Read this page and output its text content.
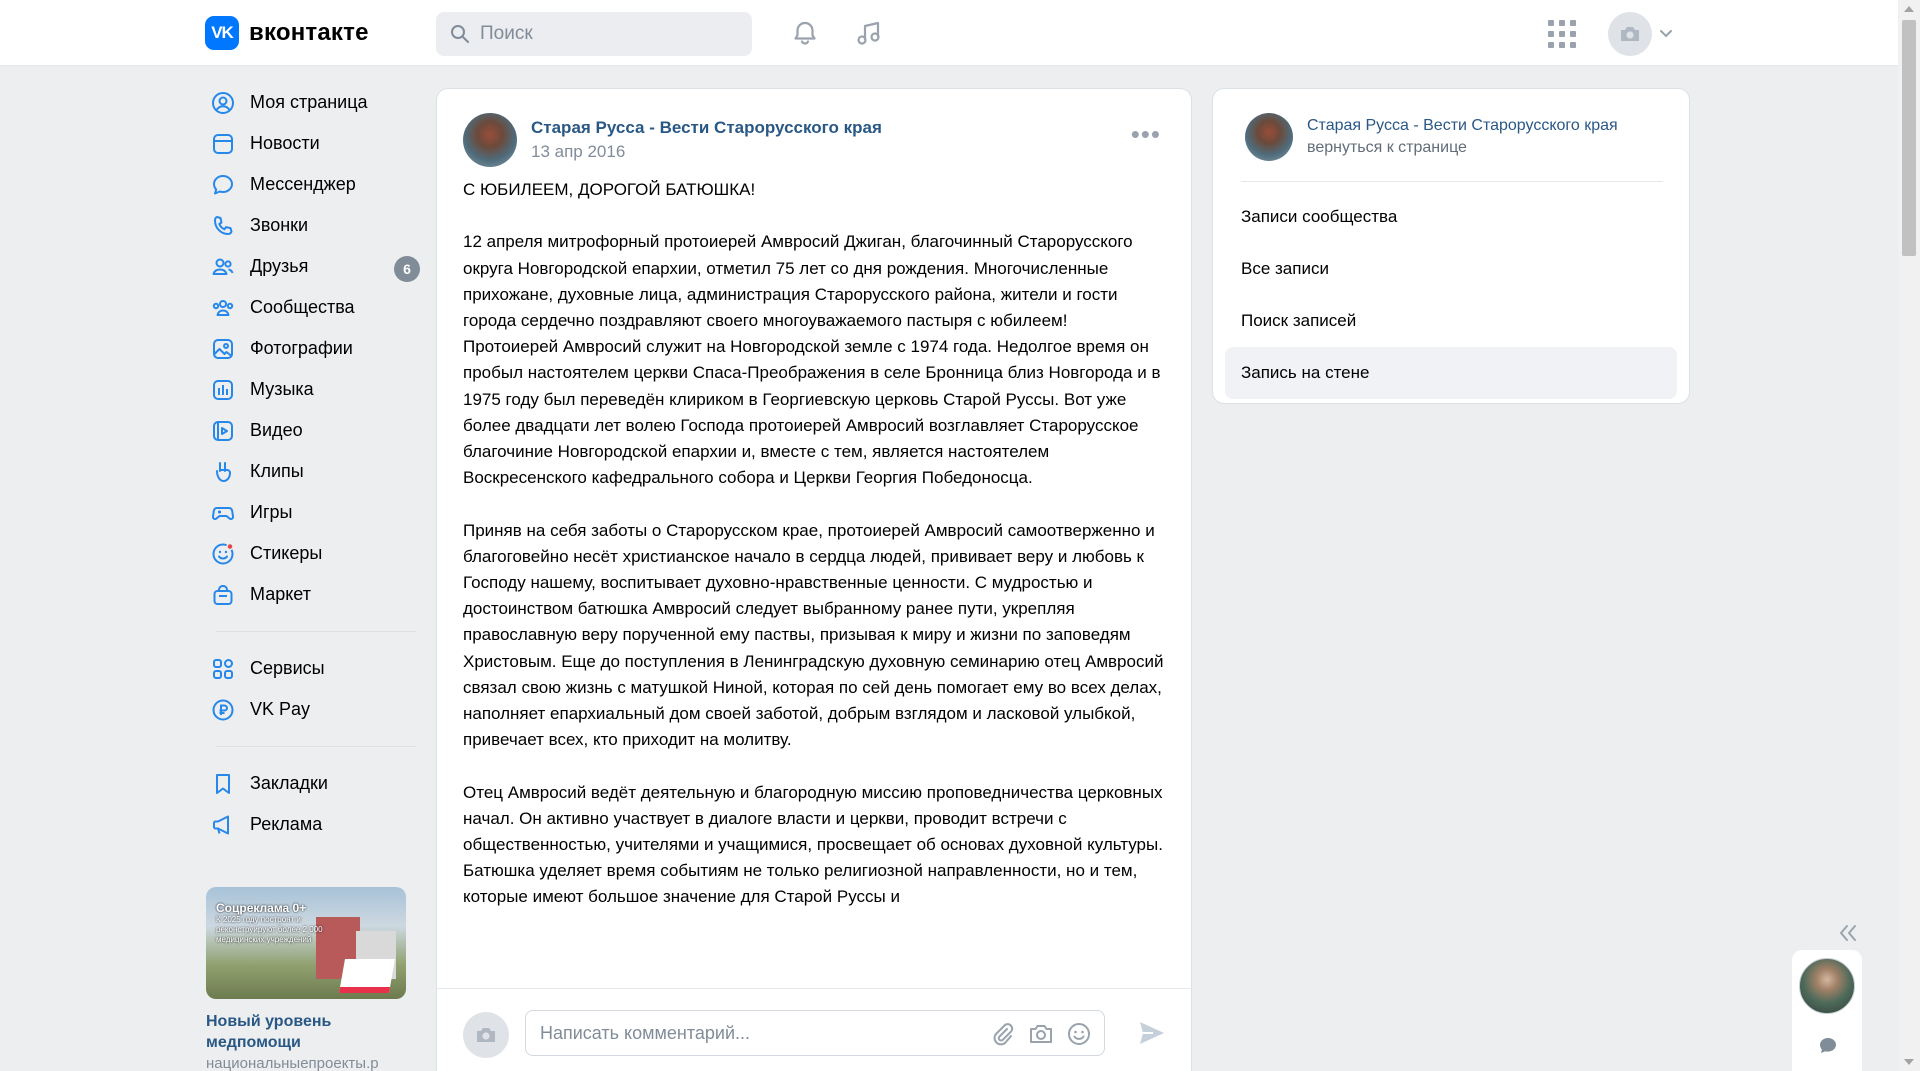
VK вконтакте
Поиск
Моя страница
Новости
Мессенджер
Звонки
Друзья	6
Сообщества
Фотографии
Музыка
Видео
Клипы
Игры
Стикеры
Маркет
Сервисы
VK Pay
Закладки
Реклама
Соцреклама 0+
К 2025 году построят и реконструируют более 2 000 медицинских учреждений
Новый уровень медпомощи
национальныепроекты.р
Старая Русса - Вести Старорусского края
13 апр 2016
•••
С ЮБИЛЕЕМ, ДОРОГОЙ БАТЮШКА!

12 апреля митрофорный протоиерей Амвросий Джиган, благочинный Старорусского округа Новгородской епархии, отметил 75 лет со дня рождения. Многочисленные прихожане, духовные лица, администрация Старорусского района, жители и гости города сердечно поздравляют своего многоуважаемого пастыря с юбилеем!
Протоиерей Амвросий служит на Новгородской земле с 1974 года. Недолгое время он пробыл настоятелем церкви Спаса-Преображения в селе Бронница близ Новгорода и в 1975 году был переведён клириком в Георгиевскую церковь Старой Руссы. Вот уже более двадцати лет волею Господа протоиерей Амвросий возглавляет Старорусское благочиние Новгородской епархии и, вместе с тем, является настоятелем Воскресенского кафедрального собора и Церкви Георгия Победоносца.

Приняв на себя заботы о Старорусском крае, протоиерей Амвросий самоотверженно и благоговейно несёт христианское начало в сердца людей, прививает веру и любовь к Господу нашему, воспитывает духовно-нравственные ценности. С мудростью и достоинством батюшка Амвросий следует выбранному ранее пути, укрепляя православную веру порученной ему паствы, призывая к миру и жизни по заповедям Христовым. Еще до поступления в Ленинградскую духовную семинарию отец Амвросий связал свою жизнь с матушкой Ниной, которая по сей день помогает ему во всех делах, наполняет епархиальный дом своей заботой, добрым взглядом и ласковой улыбкой, привечает всех, кто приходит на молитву.

Отец Амвросий ведёт деятельную и благородную миссию проповедничества церковных начал. Он активно участвует в диалоге власти и церкви, проводит встречи с общественностью, учителями и учащимися, просвещает об основах духовной культуры. Батюшка уделяет время событиям не только религиозной направленности, но и тем, которые имеют большое значение для Старой Руссы и
Написать комментарий...
Старая Русса - Вести Старорусского края
вернуться к странице
Записи сообщества
Все записи
Поиск записей
Запись на стене
